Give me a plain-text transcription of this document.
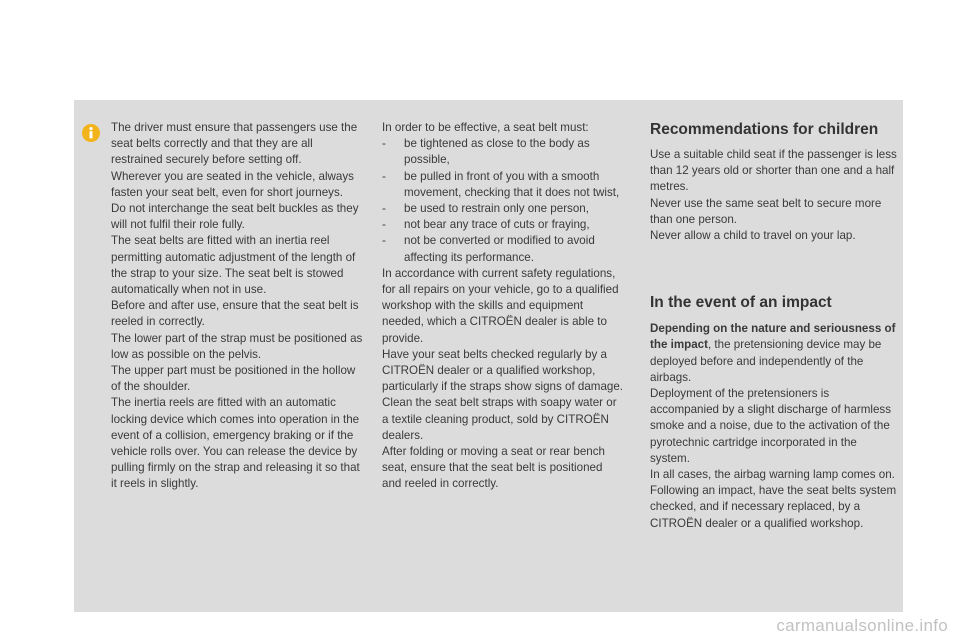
The driver must ensure that passengers use the seat belts correctly and that they are all restrained securely before setting off.
Wherever you are seated in the vehicle, always fasten your seat belt, even for short journeys.
Do not interchange the seat belt buckles as they will not fulfil their role fully.
The seat belts are fitted with an inertia reel permitting automatic adjustment of the length of the strap to your size. The seat belt is stowed automatically when not in use.
Before and after use, ensure that the seat belt is reeled in correctly.
The lower part of the strap must be positioned as low as possible on the pelvis.
The upper part must be positioned in the hollow of the shoulder.
The inertia reels are fitted with an automatic locking device which comes into operation in the event of a collision, emergency braking or if the vehicle rolls over. You can release the device by pulling firmly on the strap and releasing it so that it reels in slightly.
In order to be effective, a seat belt must:
- be tightened as close to the body as possible,
- be pulled in front of you with a smooth movement, checking that it does not twist,
- be used to restrain only one person,
- not bear any trace of cuts or fraying,
- not be converted or modified to avoid affecting its performance.
In accordance with current safety regulations, for all repairs on your vehicle, go to a qualified workshop with the skills and equipment needed, which a CITROËN dealer is able to provide.
Have your seat belts checked regularly by a CITROËN dealer or a qualified workshop, particularly if the straps show signs of damage.
Clean the seat belt straps with soapy water or a textile cleaning product, sold by CITROËN dealers.
After folding or moving a seat or rear bench seat, ensure that the seat belt is positioned and reeled in correctly.
Recommendations for children
Use a suitable child seat if the passenger is less than 12 years old or shorter than one and a half metres.
Never use the same seat belt to secure more than one person.
Never allow a child to travel on your lap.
In the event of an impact
Depending on the nature and seriousness of the impact, the pretensioning device may be deployed before and independently of the airbags.
Deployment of the pretensioners is accompanied by a slight discharge of harmless smoke and a noise, due to the activation of the pyrotechnic cartridge incorporated in the system.
In all cases, the airbag warning lamp comes on.
Following an impact, have the seat belts system checked, and if necessary replaced, by a CITROËN dealer or a qualified workshop.
carmanualsonline.info
